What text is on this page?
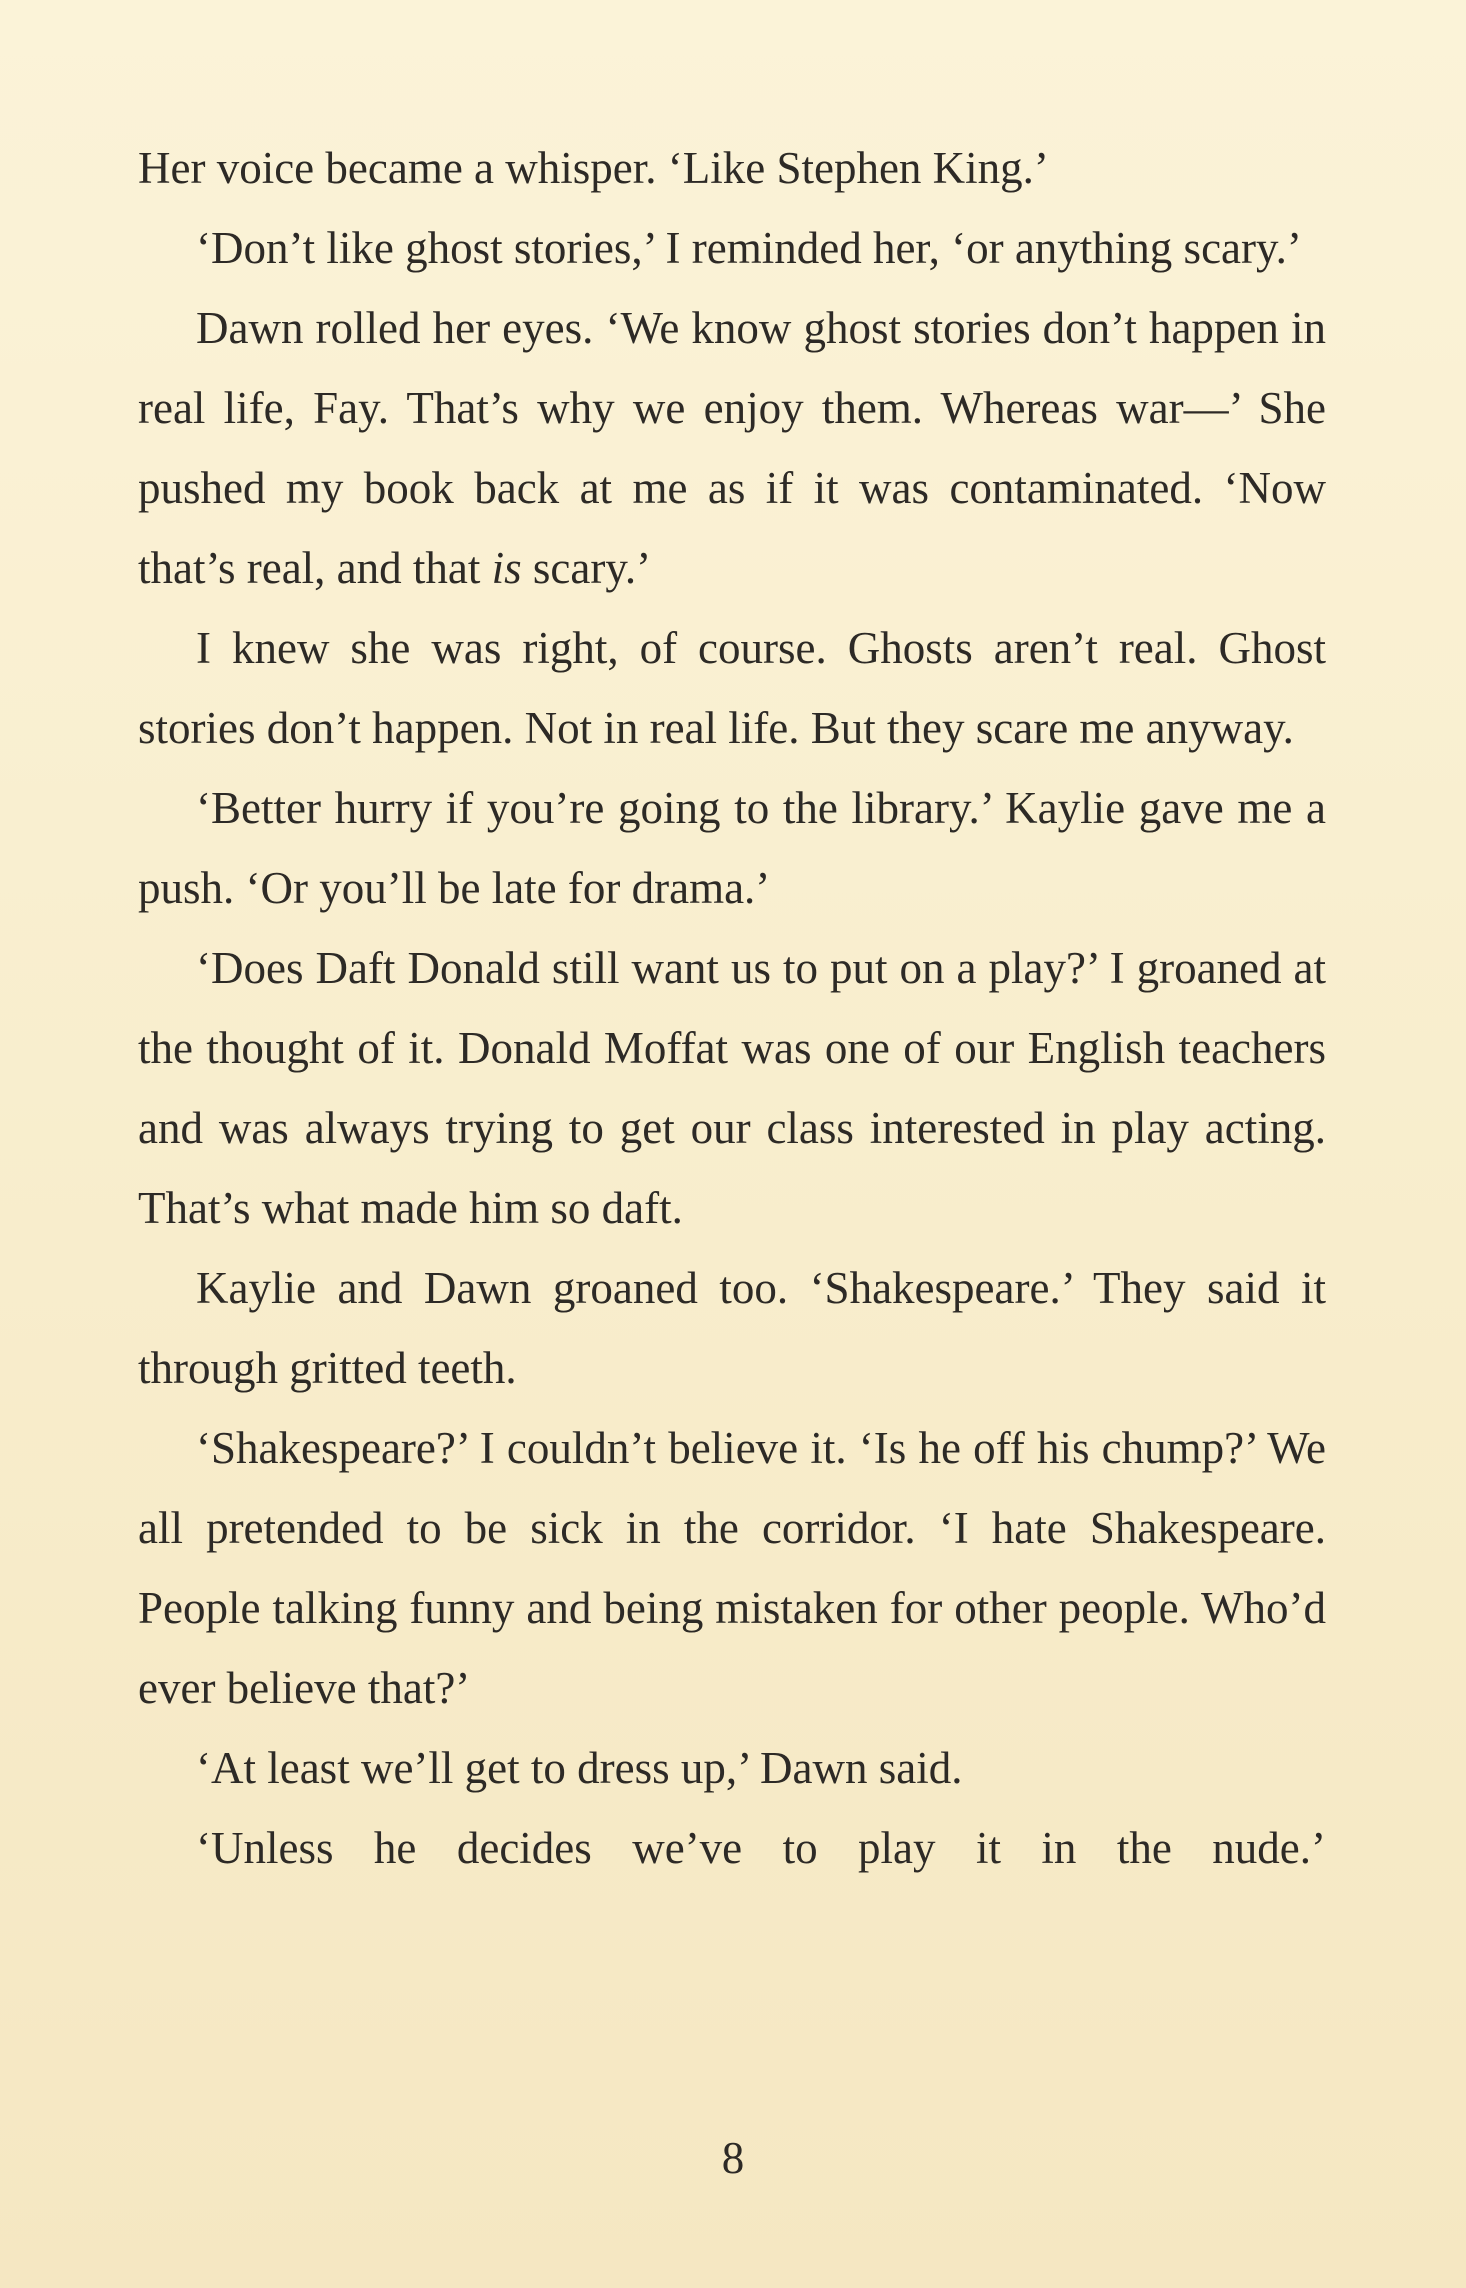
Her voice became a whisper. ‘Like Stephen King.’

‘Don’t like ghost stories,’ I reminded her, ‘or anything scary.’

Dawn rolled her eyes. ‘We know ghost stories don’t happen in real life, Fay. That’s why we enjoy them. Whereas war—’ She pushed my book back at me as if it was contaminated. ‘Now that’s real, and that is scary.’

I knew she was right, of course. Ghosts aren’t real. Ghost stories don’t happen. Not in real life. But they scare me anyway.

‘Better hurry if you’re going to the library.’ Kaylie gave me a push. ‘Or you’ll be late for drama.’

‘Does Daft Donald still want us to put on a play?’ I groaned at the thought of it. Donald Moffat was one of our English teachers and was always trying to get our class interested in play acting. That’s what made him so daft.

Kaylie and Dawn groaned too. ‘Shakespeare.’ They said it through gritted teeth.

‘Shakespeare?’ I couldn’t believe it. ‘Is he off his chump?’ We all pretended to be sick in the corridor. ‘I hate Shakespeare. People talking funny and being mistaken for other people. Who’d ever believe that?’

‘At least we’ll get to dress up,’ Dawn said.

‘Unless he decides we’ve to play it in the nude.’

8
